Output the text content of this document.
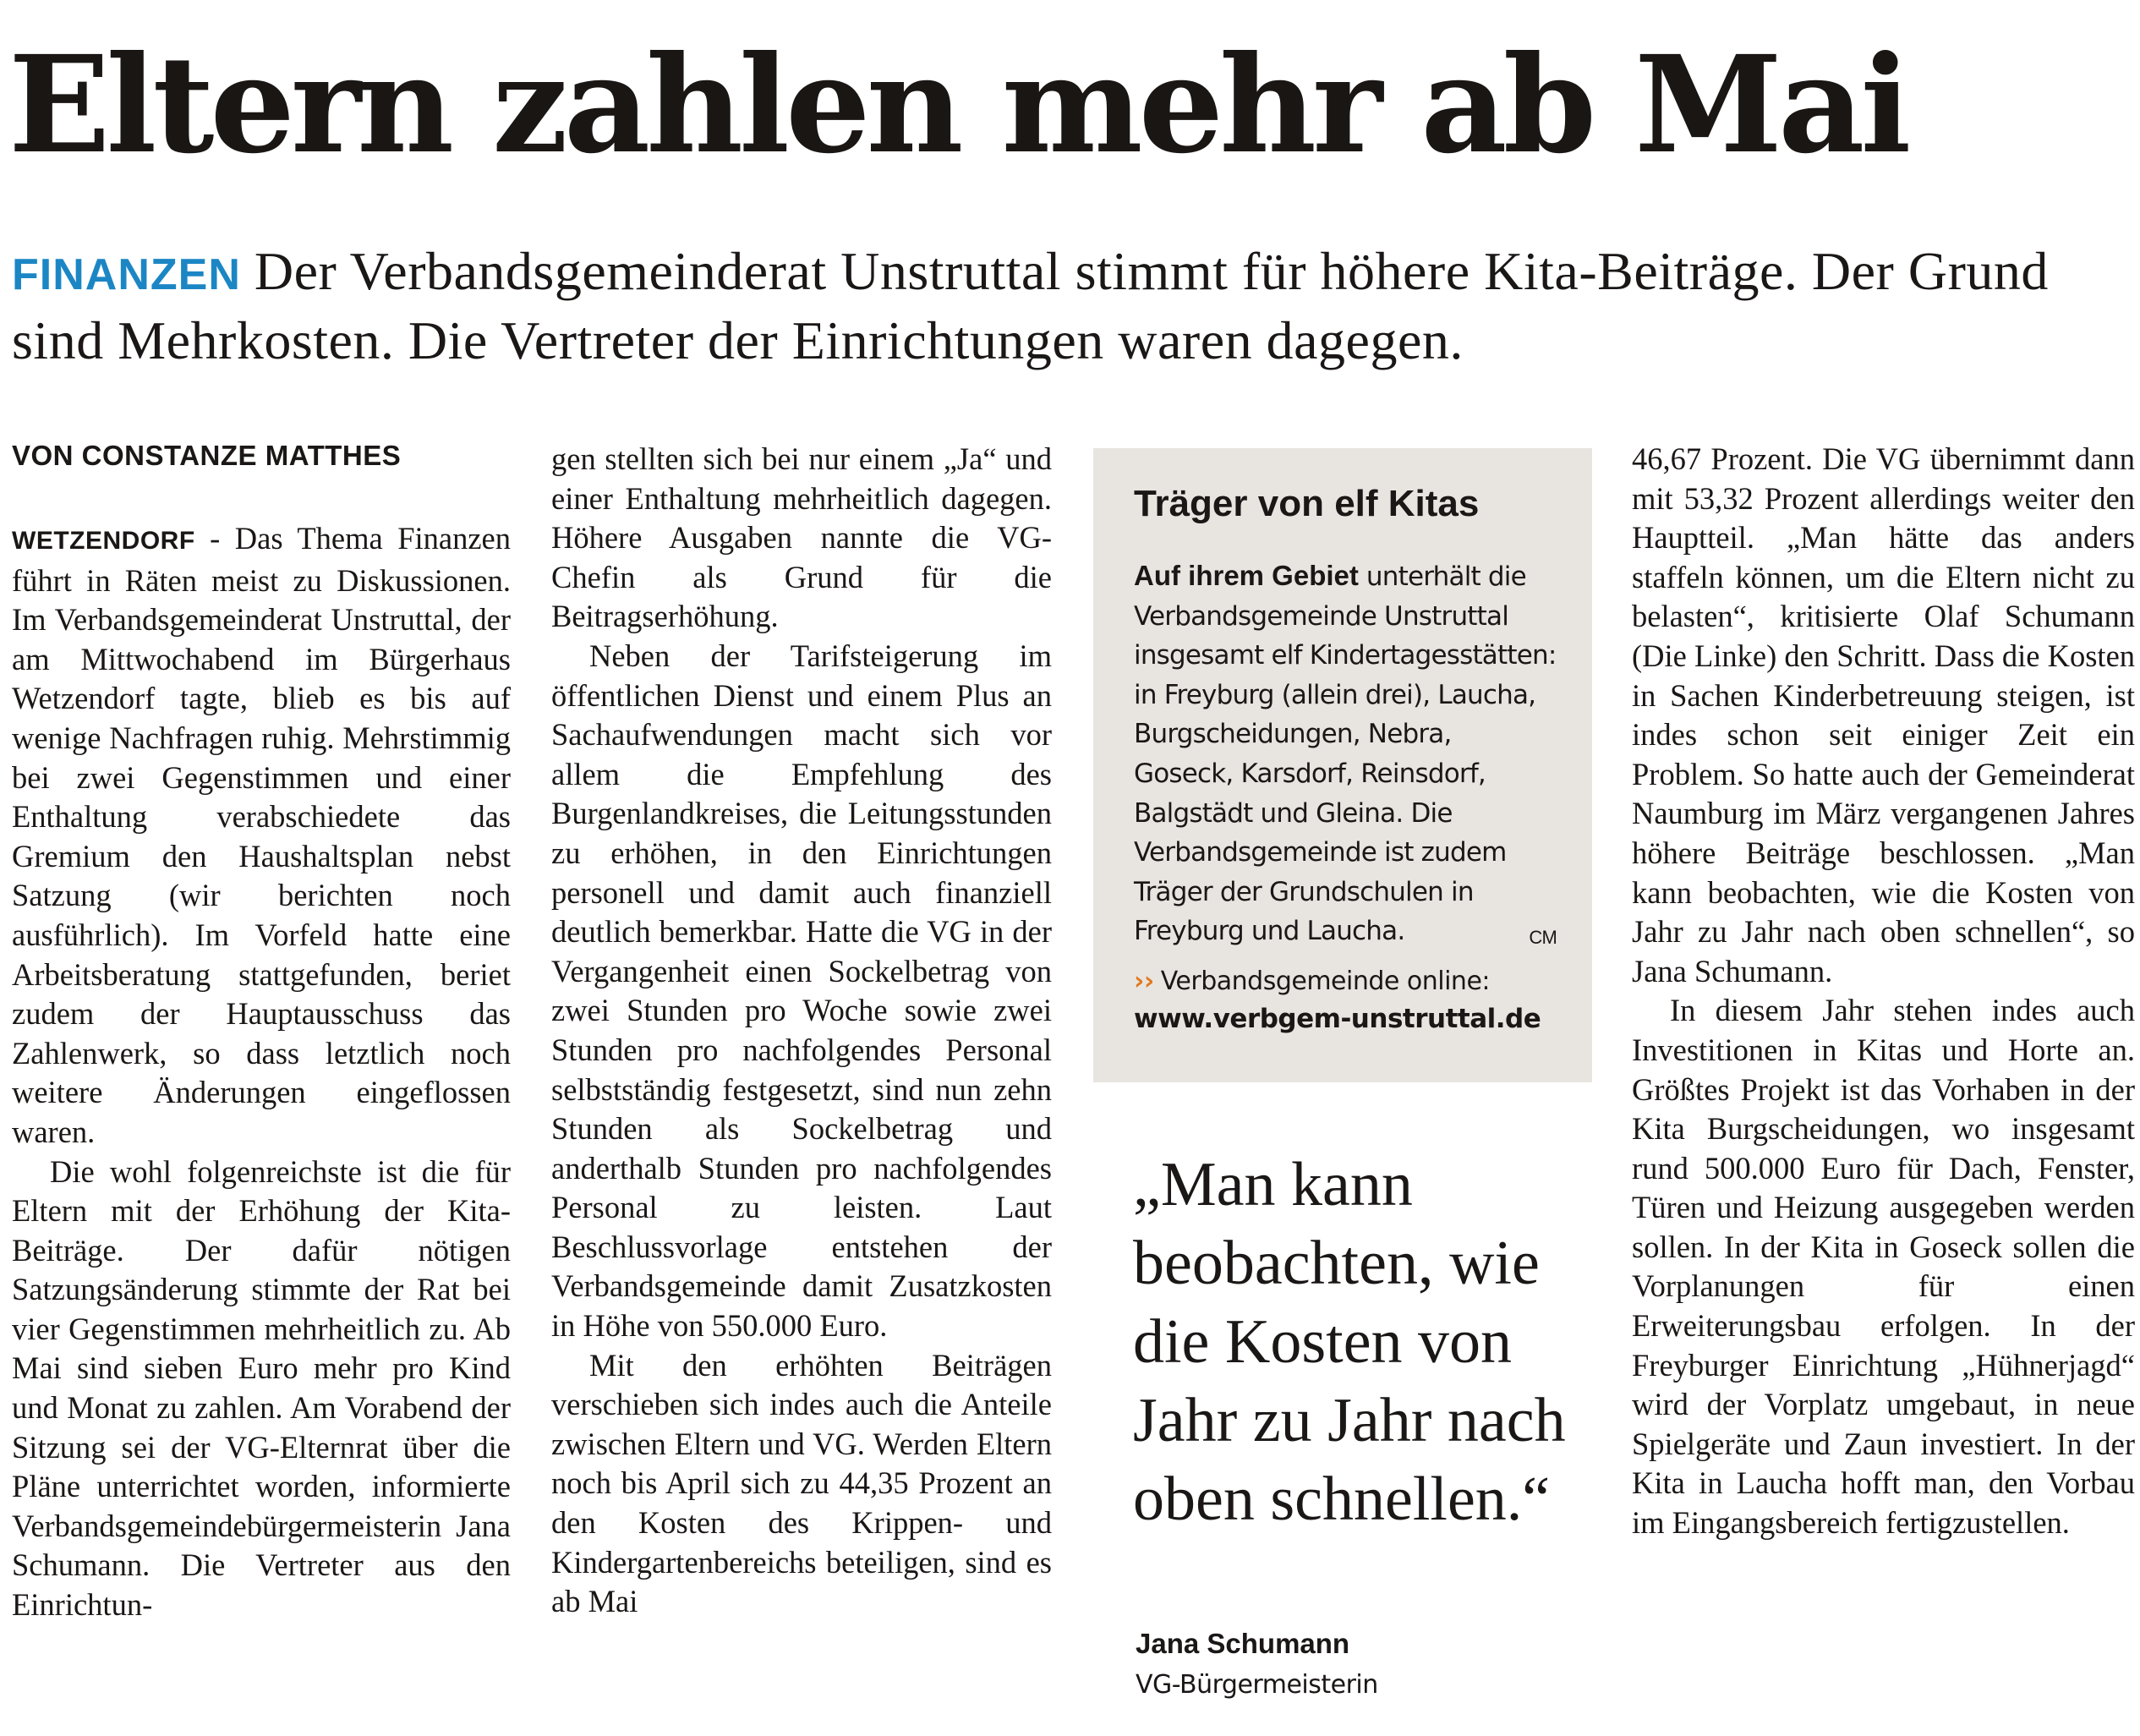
Eltern zahlen mehr ab Mai

FINANZEN Der Verbandsgemeinderat Unstruttal stimmt für höhere Kita-Beiträge. Der Grund sind Mehrkosten. Die Vertreter der Einrichtungen waren dagegen.

VON CONSTANZE MATTHES

WETZENDORF - Das Thema Finanzen führt in Räten meist zu Diskussionen. Im Verbandsgemeinderat Unstruttal, der am Mittwochabend im Bürgerhaus Wetzendorf tagte, blieb es bis auf wenige Nachfragen ruhig. Mehrstimmig bei zwei Gegenstimmen und einer Enthaltung verabschiedete das Gremium den Haushaltsplan nebst Satzung (wir berichten noch ausführlich). Im Vorfeld hatte eine Arbeitsberatung stattgefunden, beriet zudem der Hauptausschuss das Zahlenwerk, so dass letztlich noch weitere Änderungen eingeflossen waren.

Die wohl folgenreichste ist die für Eltern mit der Erhöhung der Kita-Beiträge. Der dafür nötigen Satzungsänderung stimmte der Rat bei vier Gegenstimmen mehrheitlich zu. Ab Mai sind sieben Euro mehr pro Kind und Monat zu zahlen. Am Vorabend der Sitzung sei der VG-Elternrat über die Pläne unterrichtet worden, informierte Verbandsgemeindebürgermeisterin Jana Schumann. Die Vertreter aus den Einrichtun-

gen stellten sich bei nur einem „Ja“ und einer Enthaltung mehrheitlich dagegen. Höhere Ausgaben nannte die VG-Chefin als Grund für die Beitragserhöhung.

Neben der Tarifsteigerung im öffentlichen Dienst und einem Plus an Sachaufwendungen macht sich vor allem die Empfehlung des Burgenlandkreises, die Leitungsstunden zu erhöhen, in den Einrichtungen personell und damit auch finanziell deutlich bemerkbar. Hatte die VG in der Vergangenheit einen Sockelbetrag von zwei Stunden pro Woche sowie zwei Stunden pro nachfolgendes Personal selbstständig festgesetzt, sind nun zehn Stunden als Sockelbetrag und anderthalb Stunden pro nachfolgendes Personal zu leisten. Laut Beschlussvorlage entstehen der Verbandsgemeinde damit Zusatzkosten in Höhe von 550.000 Euro.

Mit den erhöhten Beiträgen verschieben sich indes auch die Anteile zwischen Eltern und VG. Werden Eltern noch bis April sich zu 44,35 Prozent an den Kosten des Krippen- und Kindergartenbereichs beteiligen, sind es ab Mai

Träger von elf Kitas

Auf ihrem Gebiet unterhält die Verbandsgemeinde Unstruttal insgesamt elf Kindertagesstätten: in Freyburg (allein drei), Laucha, Burgscheidungen, Nebra, Goseck, Karsdorf, Reinsdorf, Balgstädt und Gleina. Die Verbandsgemeinde ist zudem Träger der Grundschulen in Freyburg und Laucha.	CM

›› Verbandsgemeinde online:

www.verbgem-unstruttal.de

„Man kann beobachten, wie die Kosten von Jahr zu Jahr nach oben schnellen.“

Jana Schumann

VG-Bürgermeisterin

46,67 Prozent. Die VG übernimmt dann mit 53,32 Prozent allerdings weiter den Hauptteil. „Man hätte das anders staffeln können, um die Eltern nicht zu belasten“, kritisierte Olaf Schumann (Die Linke) den Schritt. Dass die Kosten in Sachen Kinderbetreuung steigen, ist indes schon seit einiger Zeit ein Problem. So hatte auch der Gemeinderat Naumburg im März vergangenen Jahres höhere Beiträge beschlossen. „Man kann beobachten, wie die Kosten von Jahr zu Jahr nach oben schnellen“, so Jana Schumann.

In diesem Jahr stehen indes auch Investitionen in Kitas und Horte an. Größtes Projekt ist das Vorhaben in der Kita Burgscheidungen, wo insgesamt rund 500.000 Euro für Dach, Fenster, Türen und Heizung ausgegeben werden sollen. In der Kita in Goseck sollen die Vorplanungen für einen Erweiterungsbau erfolgen. In der Freyburger Einrichtung „Hühnerjagd“ wird der Vorplatz umgebaut, in neue Spielgeräte und Zaun investiert. In der Kita in Laucha hofft man, den Vorbau im Eingangsbereich fertigzustellen.
